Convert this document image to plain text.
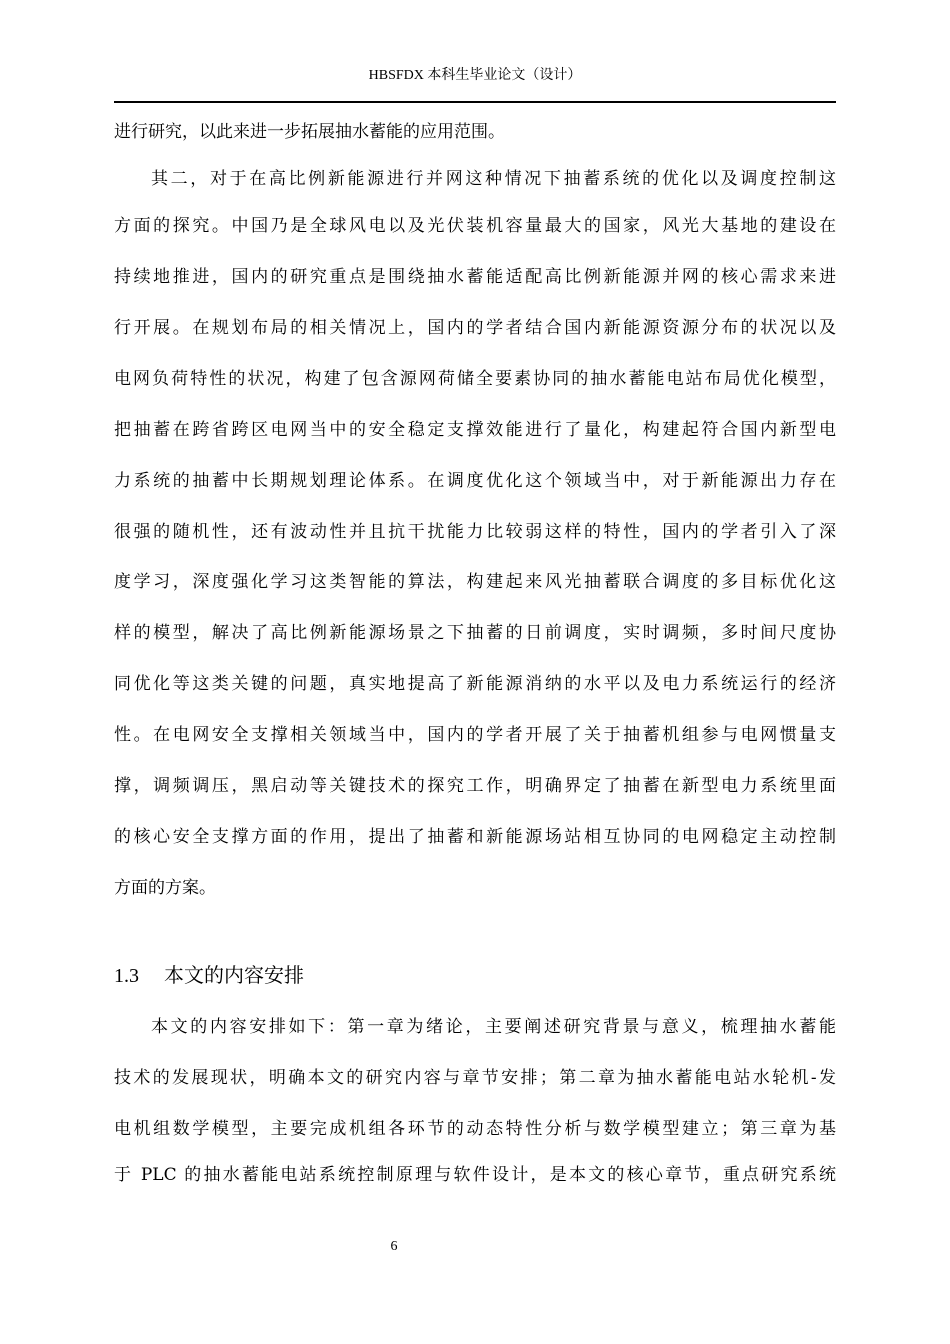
HBSFDX 本科生毕业论文（设计）
进行研究，以此来进一步拓展抽水蓄能的应用范围。
其二，对于在高比例新能源进行并网这种情况下抽蓄系统的优化以及调度控制这
方面的探究。中国乃是全球风电以及光伏装机容量最大的国家，风光大基地的建设在
持续地推进，国内的研究重点是围绕抽水蓄能适配高比例新能源并网的核心需求来进
行开展。在规划布局的相关情况上，国内的学者结合国内新能源资源分布的状况以及
电网负荷特性的状况，构建了包含源网荷储全要素协同的抽水蓄能电站布局优化模型，
把抽蓄在跨省跨区电网当中的安全稳定支撑效能进行了量化，构建起符合国内新型电
力系统的抽蓄中长期规划理论体系。在调度优化这个领域当中，对于新能源出力存在
很强的随机性，还有波动性并且抗干扰能力比较弱这样的特性，国内的学者引入了深
度学习，深度强化学习这类智能的算法，构建起来风光抽蓄联合调度的多目标优化这
样的模型，解决了高比例新能源场景之下抽蓄的日前调度，实时调频，多时间尺度协
同优化等这类关键的问题，真实地提高了新能源消纳的水平以及电力系统运行的经济
性。在电网安全支撑相关领域当中，国内的学者开展了关于抽蓄机组参与电网惯量支
撑，调频调压，黑启动等关键技术的探究工作，明确界定了抽蓄在新型电力系统里面
的核心安全支撑方面的作用，提出了抽蓄和新能源场站相互协同的电网稳定主动控制
方面的方案。
1.3 本文的内容安排
本文的内容安排如下：第一章为绪论，主要阐述研究背景与意义，梳理抽水蓄能
技术的发展现状，明确本文的研究内容与章节安排；第二章为抽水蓄能电站水轮机-发
电机组数学模型，主要完成机组各环节的动态特性分析与数学模型建立；第三章为基
于 PLC 的抽水蓄能电站系统控制原理与软件设计，是本文的核心章节，重点研究系统
6
